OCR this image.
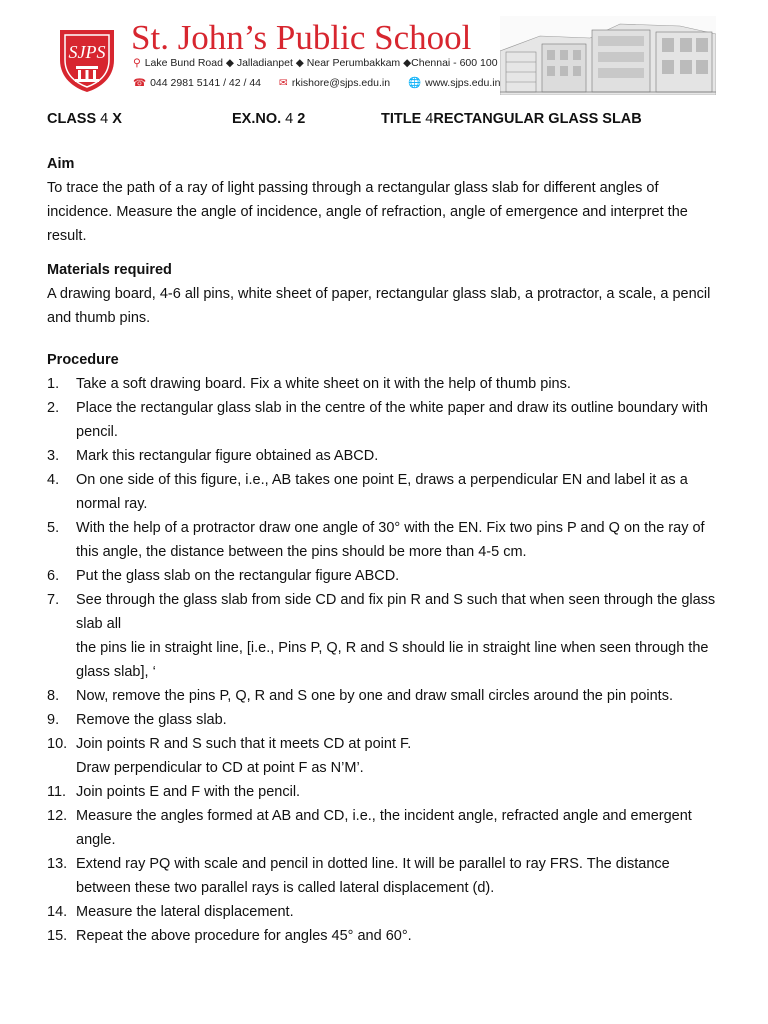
SJPS St. John’s Public School
⚲ Lake Bund Road ◆ Jalladianpet ◆ Near Perumbakkam ◆Chennai - 600 100
☎ 044 2981 5141 / 42 / 44 ✉ rkishore@sjps.edu.in 🌐 www.sjps.edu.in
CLASS 4 X	EX.NO. 4 2	TITLE 4RECTANGULAR GLASS SLAB

Aim

To trace the path of a ray of light passing through a rectangular glass slab for different angles of incidence. Measure the angle of incidence, angle of refraction, angle of emergence and interpret the result.

Materials required

A drawing board, 4-6 all pins, white sheet of paper, rectangular glass slab, a protractor, a scale, a pencil and thumb pins.

Procedure

1.	Take a soft drawing board. Fix a white sheet on it with the help of thumb pins.
2.	Place the rectangular glass slab in the centre of the white paper and draw its outline boundary with pencil.
3.	Mark this rectangular figure obtained as ABCD.
4.	On one side of this figure, i.e., AB takes one point E, draws a perpendicular EN and label it as a normal ray.
5.	With the help of a protractor draw one angle of 30° with the EN. Fix two pins P and Q on the ray of this angle, the distance between the pins should be more than 4-5 cm.
6.	Put the glass slab on the rectangular figure ABCD.
7.	See through the glass slab from side CD and fix pin R and S such that when seen through the glass slab all
the pins lie in straight line, [i.e., Pins P, Q, R and S should lie in straight line when seen through the glass slab], ‘
8.	Now, remove the pins P, Q, R and S one by one and draw small circles around the pin points.
9.	Remove the glass slab.
10. Join points R and S such that it meets CD at point F.
Draw perpendicular to CD at point F as N’M’.
11. Join points E and F with the pencil.
12. Measure the angles formed at AB and CD, i.e., the incident angle, refracted angle and emergent angle.
13. Extend ray PQ with scale and pencil in dotted line. It will be parallel to ray FRS. The distance between these two parallel rays is called lateral displacement (d).
14. Measure the lateral displacement.
15. Repeat the above procedure for angles 45° and 60°.
